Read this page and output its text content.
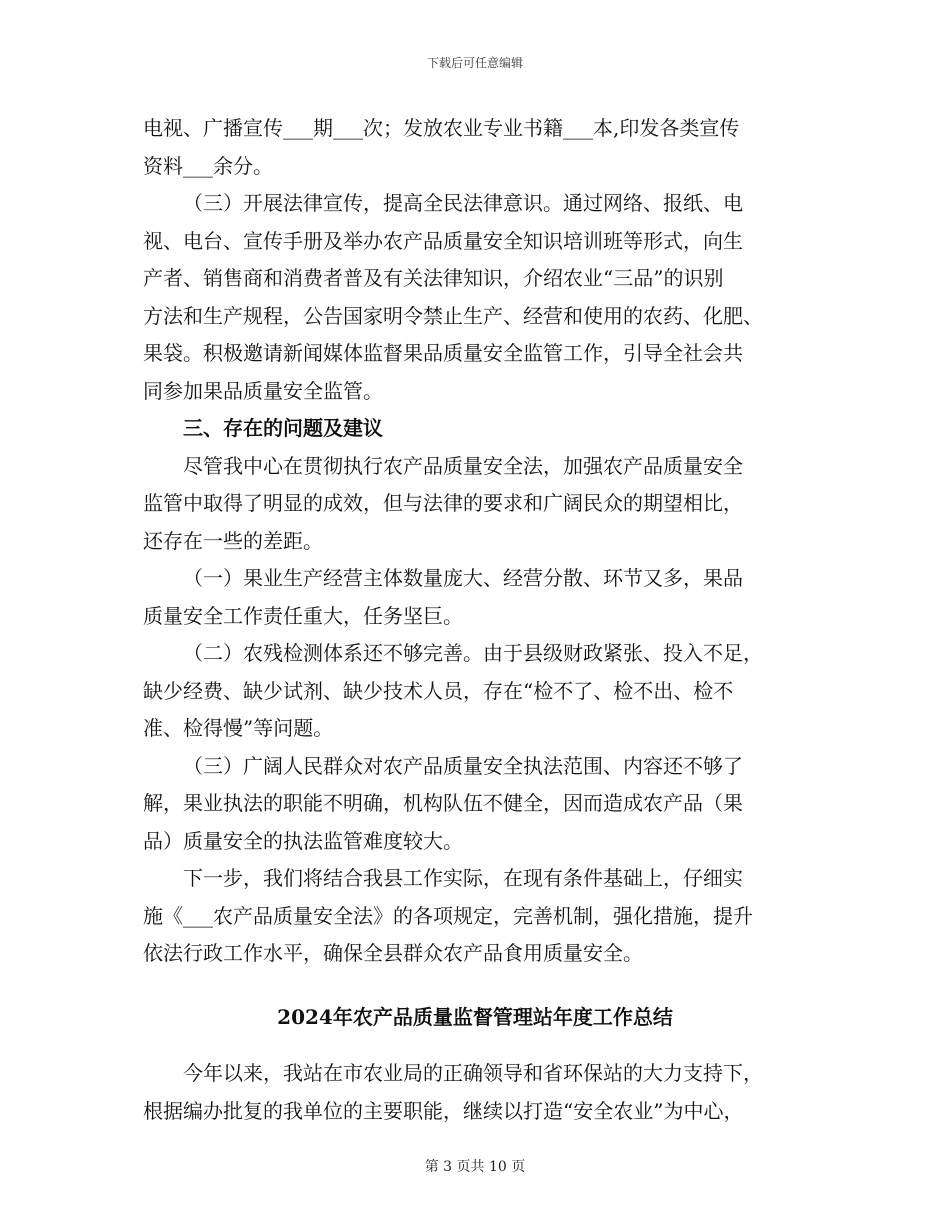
下载后可任意编辑
电视、广播宣传___期___次；发放农业专业书籍___本,印发各类宣传
资料___余分。
（三）开展法律宣传，提高全民法律意识。通过网络、报纸、电
视、电台、宣传手册及举办农产品质量安全知识培训班等形式，向生
产者、销售商和消费者普及有关法律知识，介绍农业“三品”的识别
方法和生产规程，公告国家明令禁止生产、经营和使用的农药、化肥、
果袋。积极邀请新闻媒体监督果品质量安全监管工作，引导全社会共
同参加果品质量安全监管。
三、存在的问题及建议
尽管我中心在贯彻执行农产品质量安全法，加强农产品质量安全
监管中取得了明显的成效，但与法律的要求和广阔民众的期望相比，
还存在一些的差距。
（一）果业生产经营主体数量庞大、经营分散、环节又多，果品
质量安全工作责任重大，任务坚巨。
（二）农残检测体系还不够完善。由于县级财政紧张、投入不足，
缺少经费、缺少试剂、缺少技术人员，存在“检不了、检不出、检不
准、检得慢”等问题。
（三）广阔人民群众对农产品质量安全执法范围、内容还不够了
解，果业执法的职能不明确，机构队伍不健全，因而造成农产品（果
品）质量安全的执法监管难度较大。
下一步，我们将结合我县工作实际，在现有条件基础上，仔细实
施《___农产品质量安全法》的各项规定，完善机制，强化措施，提升
依法行政工作水平，确保全县群众农产品食用质量安全。
2024年农产品质量监督管理站年度工作总结
今年以来，我站在市农业局的正确领导和省环保站的大力支持下，
根据编办批复的我单位的主要职能，继续以打造“安全农业”为中心，
第 3 页共 10 页
